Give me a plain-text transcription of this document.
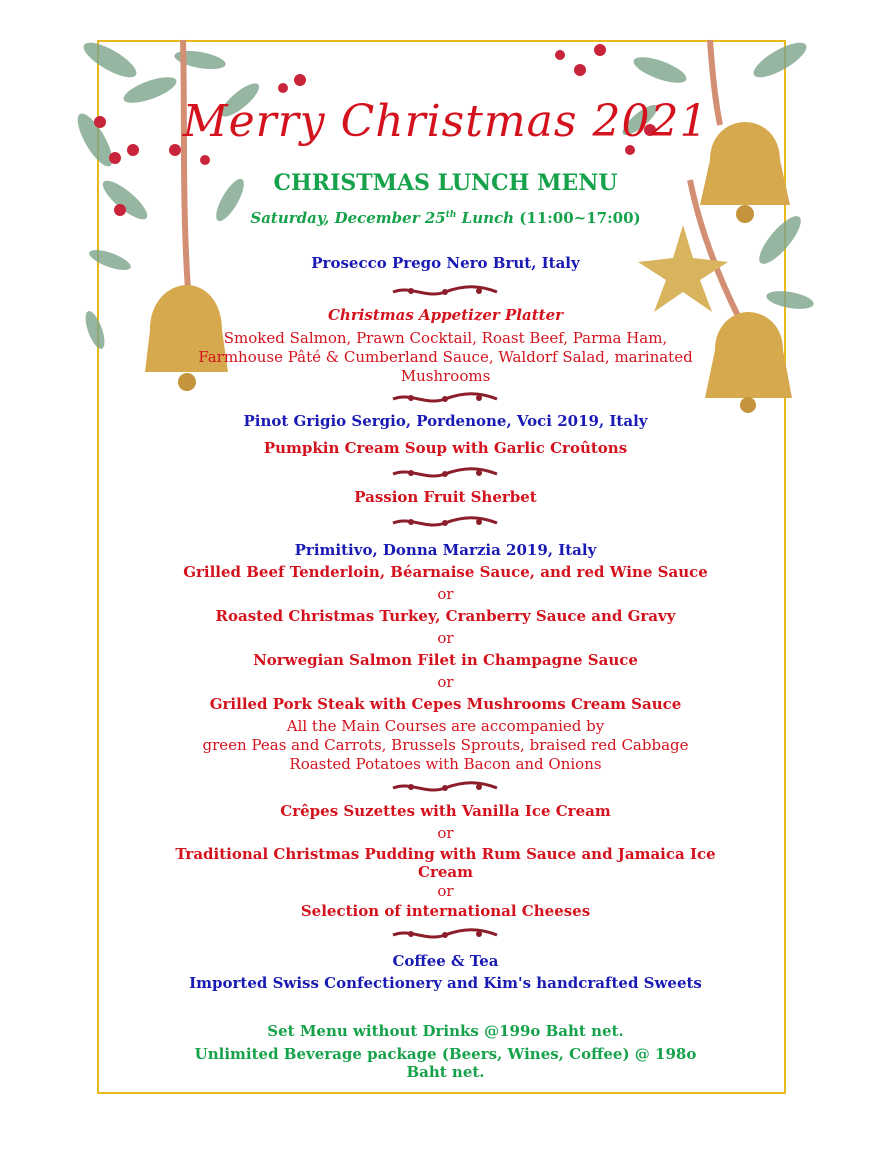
Merry Christmas 2021
CHRISTMAS LUNCH MENU
Saturday, December 25th Lunch (11:00~17:00)
Prosecco Prego Nero Brut, Italy
Christmas Appetizer Platter
Smoked Salmon, Prawn Cocktail, Roast Beef, Parma Ham,
Farmhouse Pâté & Cumberland Sauce, Waldorf Salad, marinated
Mushrooms
Pinot Grigio Sergio, Pordenone, Voci 2019, Italy
Pumpkin Cream Soup with Garlic Croûtons
Passion Fruit Sherbet
Primitivo, Donna Marzia 2019, Italy
Grilled Beef Tenderloin, Béarnaise Sauce, and red Wine Sauce
or
Roasted Christmas Turkey, Cranberry Sauce and Gravy
or
Norwegian Salmon Filet in Champagne Sauce
or
Grilled Pork Steak with Cepes Mushrooms Cream Sauce
All the Main Courses are accompanied by
green Peas and Carrots, Brussels Sprouts, braised red Cabbage
Roasted Potatoes with Bacon and Onions
Crêpes Suzettes with Vanilla Ice Cream
or
Traditional Christmas Pudding with Rum Sauce and Jamaica Ice
Cream
or
Selection of international Cheeses
Coffee & Tea
Imported Swiss Confectionery and Kim's handcrafted Sweets
Set Menu without Drinks @199o Baht net.
Unlimited Beverage package (Beers, Wines, Coffee) @ 198o
Baht net.
